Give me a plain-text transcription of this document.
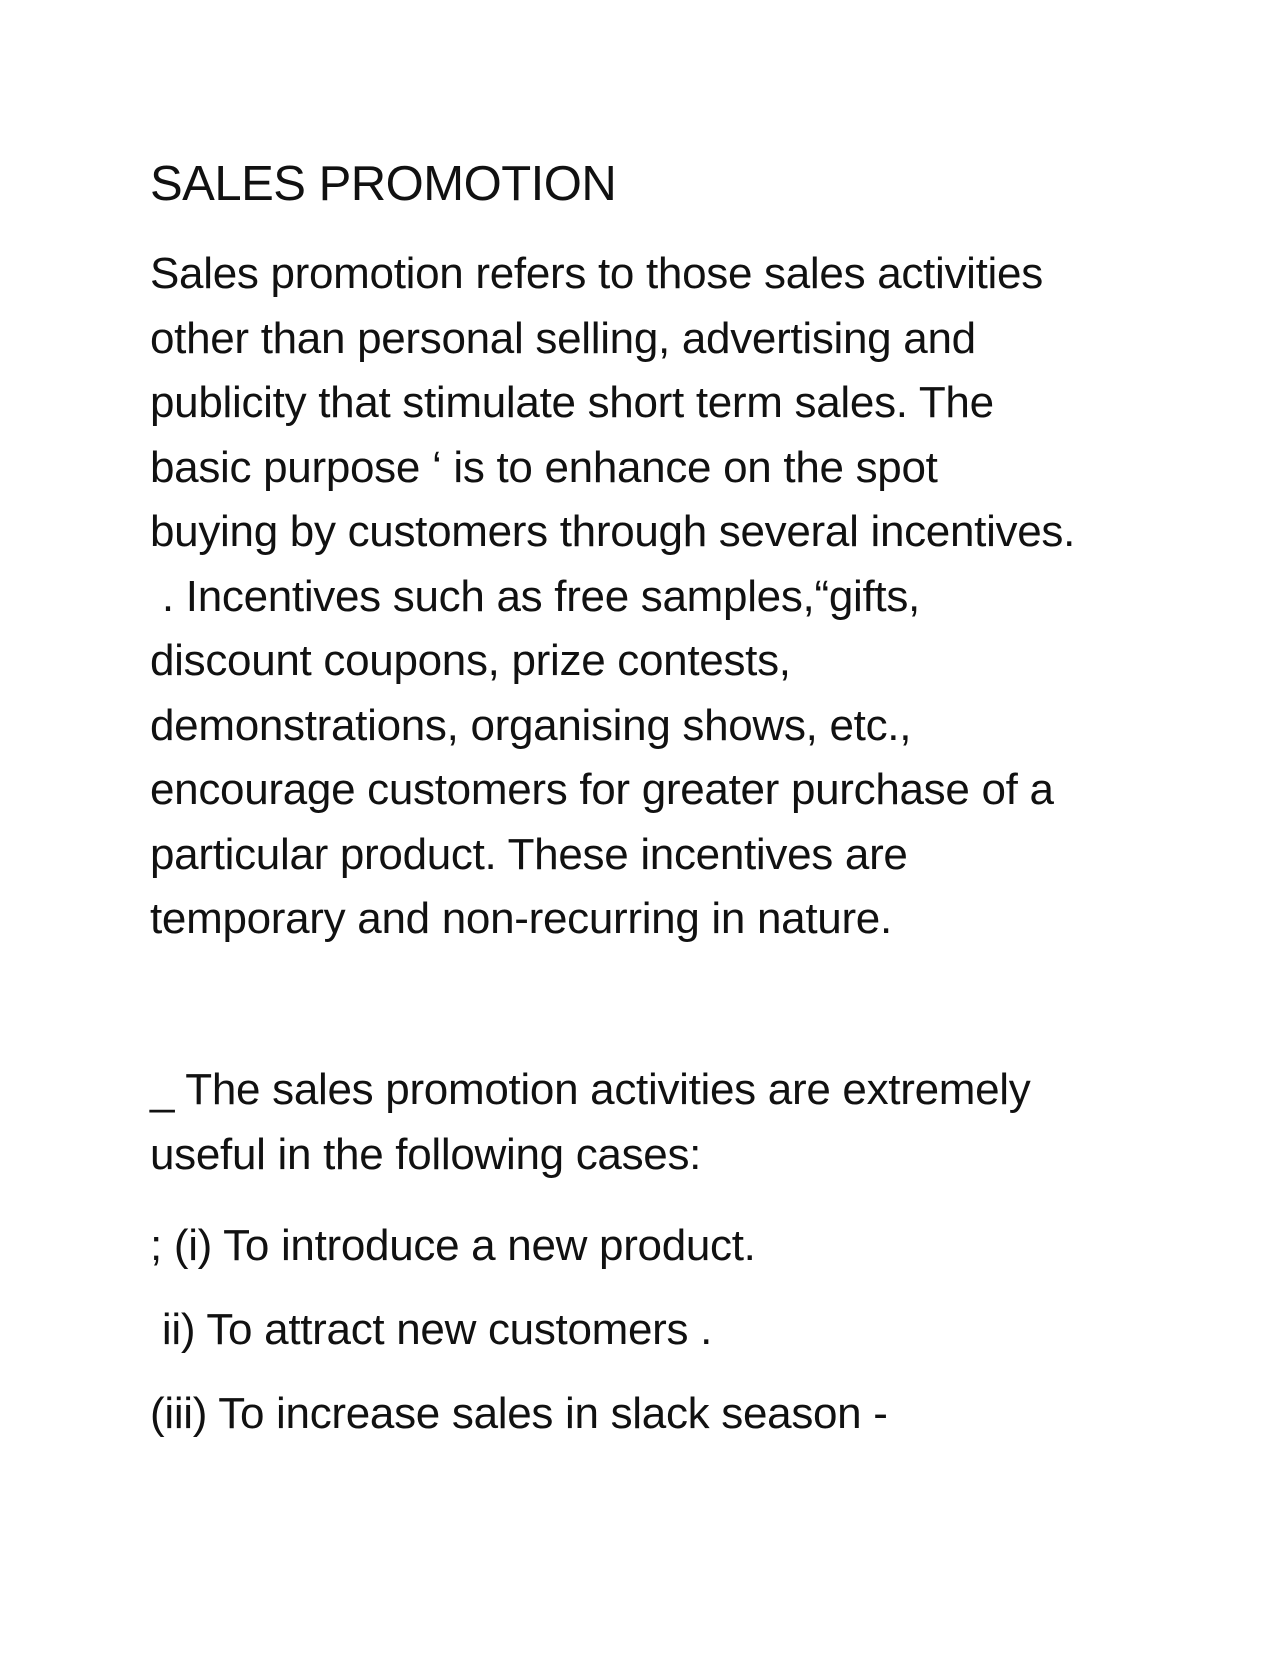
SALES PROMOTION
Sales promotion refers to those sales activities
other than personal selling, advertising and
publicity that stimulate short term sales. The
basic purpose ‘ is to enhance on the spot
buying by customers through several incentives.
. Incentives such as free samples,“gifts,
discount coupons, prize contests,
demonstrations, organising shows, etc.,
encourage customers for greater purchase of a
particular product. These incentives are
temporary and non-recurring in nature.
_ The sales promotion activities are extremely
useful in the following cases:
; (i) To introduce a new product.
ii) To attract new customers .
(iii) To increase sales in slack season -
